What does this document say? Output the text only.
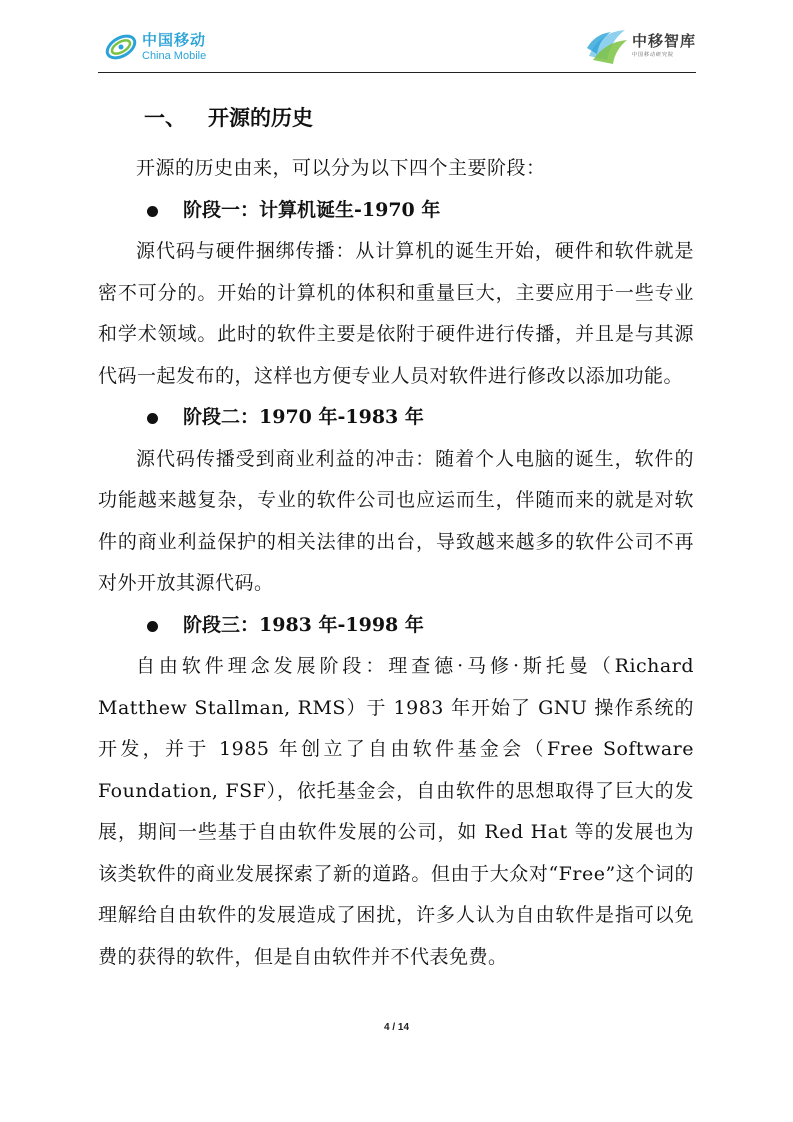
中国移动
China Mobile
中移智库
中国移动研究院
一、 开源的历史

开源的历史由来，可以分为以下四个主要阶段：

阶段一：计算机诞生-1970 年

源代码与硬件捆绑传播：从计算机的诞生开始，硬件和软件就是密不可分的。开始的计算机的体积和重量巨大，主要应用于一些专业和学术领域。此时的软件主要是依附于硬件进行传播，并且是与其源代码一起发布的，这样也方便专业人员对软件进行修改以添加功能。

阶段二：1970 年-1983 年

源代码传播受到商业利益的冲击：随着个人电脑的诞生，软件的功能越来越复杂，专业的软件公司也应运而生，伴随而来的就是对软件的商业利益保护的相关法律的出台，导致越来越多的软件公司不再对外开放其源代码。

阶段三：1983 年-1998 年

自由软件理念发展阶段：理查德·马修·斯托曼（Richard Matthew Stallman, RMS）于 1983 年开始了 GNU 操作系统的开发，并于 1985 年创立了自由软件基金会（Free Software Foundation, FSF），依托基金会，自由软件的思想取得了巨大的发展，期间一些基于自由软件发展的公司，如 Red Hat 等的发展也为该类软件的商业发展探索了新的道路。但由于大众对“Free”这个词的理解给自由软件的发展造成了困扰，许多人认为自由软件是指可以免费的获得的软件，但是自由软件并不代表免费。

4 / 14
